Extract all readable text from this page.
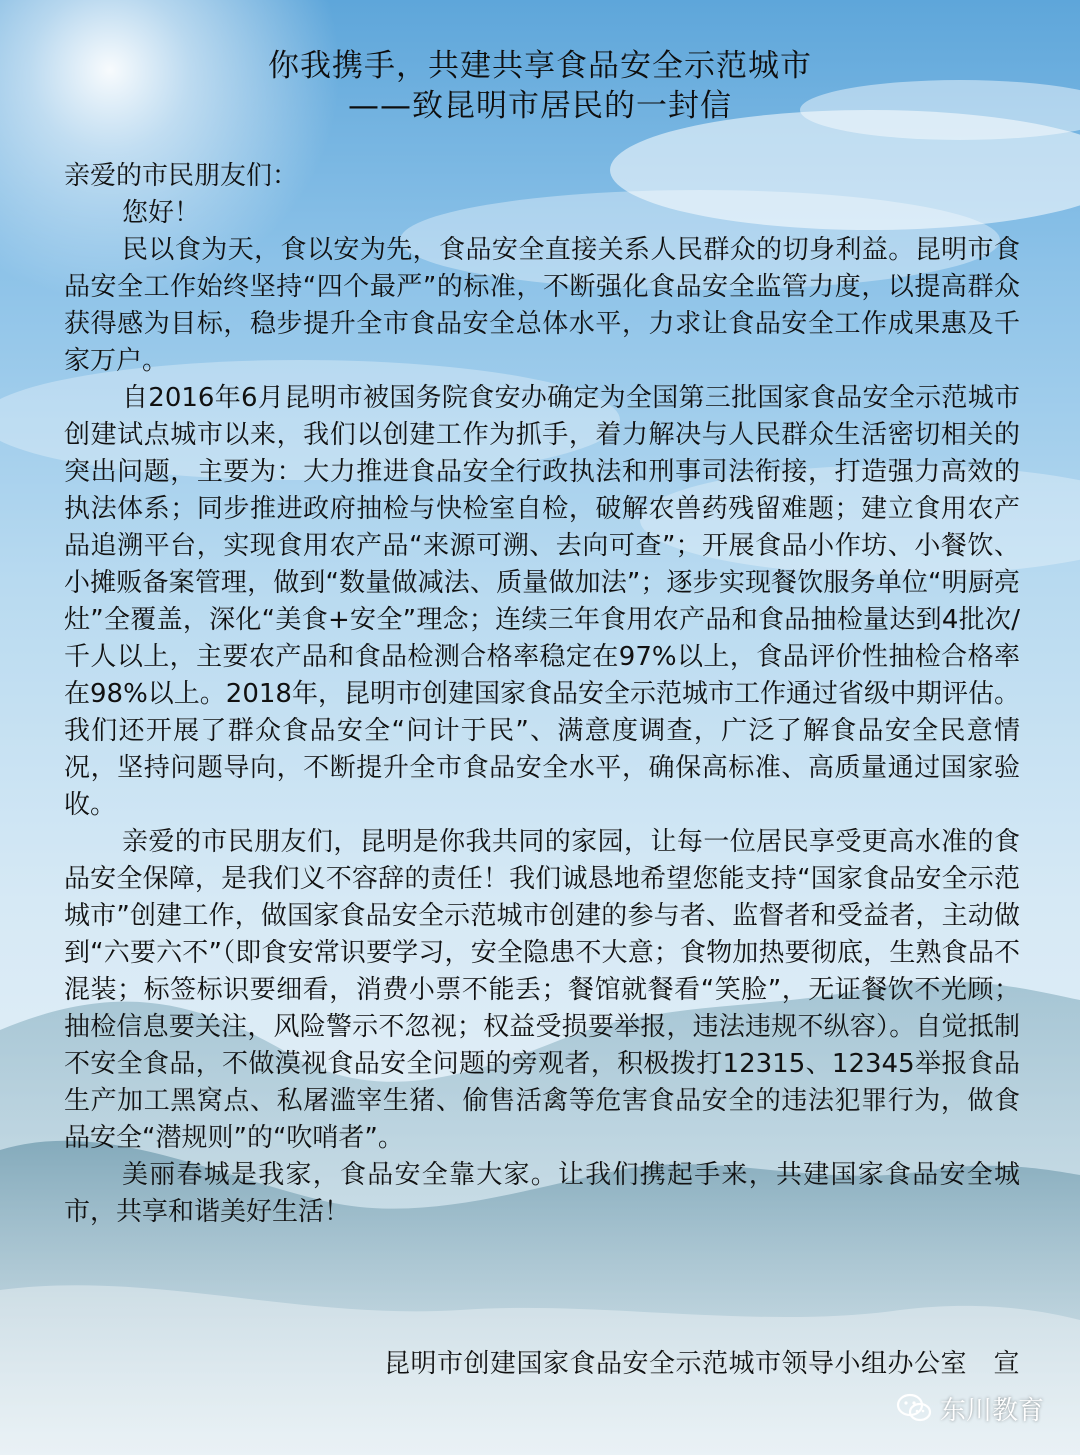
你我携手，共建共享食品安全示范城市
——致昆明市居民的一封信

亲爱的市民朋友们：

您好！

民以食为天，食以安为先，食品安全直接关系人民群众的切身利益。昆明市食品安全工作始终坚持“四个最严”的标准，不断强化食品安全监管力度，以提高群众获得感为目标，稳步提升全市食品安全总体水平，力求让食品安全工作成果惠及千家万户。

自2016年6月昆明市被国务院食安办确定为全国第三批国家食品安全示范城市创建试点城市以来，我们以创建工作为抓手，着力解决与人民群众生活密切相关的突出问题，主要为：大力推进食品安全行政执法和刑事司法衔接，打造强力高效的执法体系；同步推进政府抽检与快检室自检，破解农兽药残留难题；建立食用农产品追溯平台，实现食用农产品“来源可溯、去向可查”；开展食品小作坊、小餐饮、小摊贩备案管理，做到“数量做减法、质量做加法”；逐步实现餐饮服务单位“明厨亮灶”全覆盖，深化“美食+安全”理念；连续三年食用农产品和食品抽检量达到4批次/千人以上，主要农产品和食品检测合格率稳定在97%以上，食品评价性抽检合格率在98%以上。2018年，昆明市创建国家食品安全示范城市工作通过省级中期评估。我们还开展了群众食品安全“问计于民”、满意度调查，广泛了解食品安全民意情况，坚持问题导向，不断提升全市食品安全水平，确保高标准、高质量通过国家验收。

亲爱的市民朋友们，昆明是你我共同的家园，让每一位居民享受更高水准的食品安全保障，是我们义不容辞的责任！我们诚恳地希望您能支持“国家食品安全示范城市”创建工作，做国家食品安全示范城市创建的参与者、监督者和受益者，主动做到“六要六不”（即食安常识要学习，安全隐患不大意；食物加热要彻底，生熟食品不混装；标签标识要细看，消费小票不能丢；餐馆就餐看“笑脸”，无证餐饮不光顾；抽检信息要关注，风险警示不忽视；权益受损要举报，违法违规不纵容）。自觉抵制不安全食品，不做漠视食品安全问题的旁观者，积极拨打12315、12345举报食品生产加工黑窝点、私屠滥宰生猪、偷售活禽等危害食品安全的违法犯罪行为，做食品安全“潜规则”的“吹哨者”。

美丽春城是我家，食品安全靠大家。让我们携起手来，共建国家食品安全城市，共享和谐美好生活！

昆明市创建国家食品安全示范城市领导小组办公室　宣
东川教育
